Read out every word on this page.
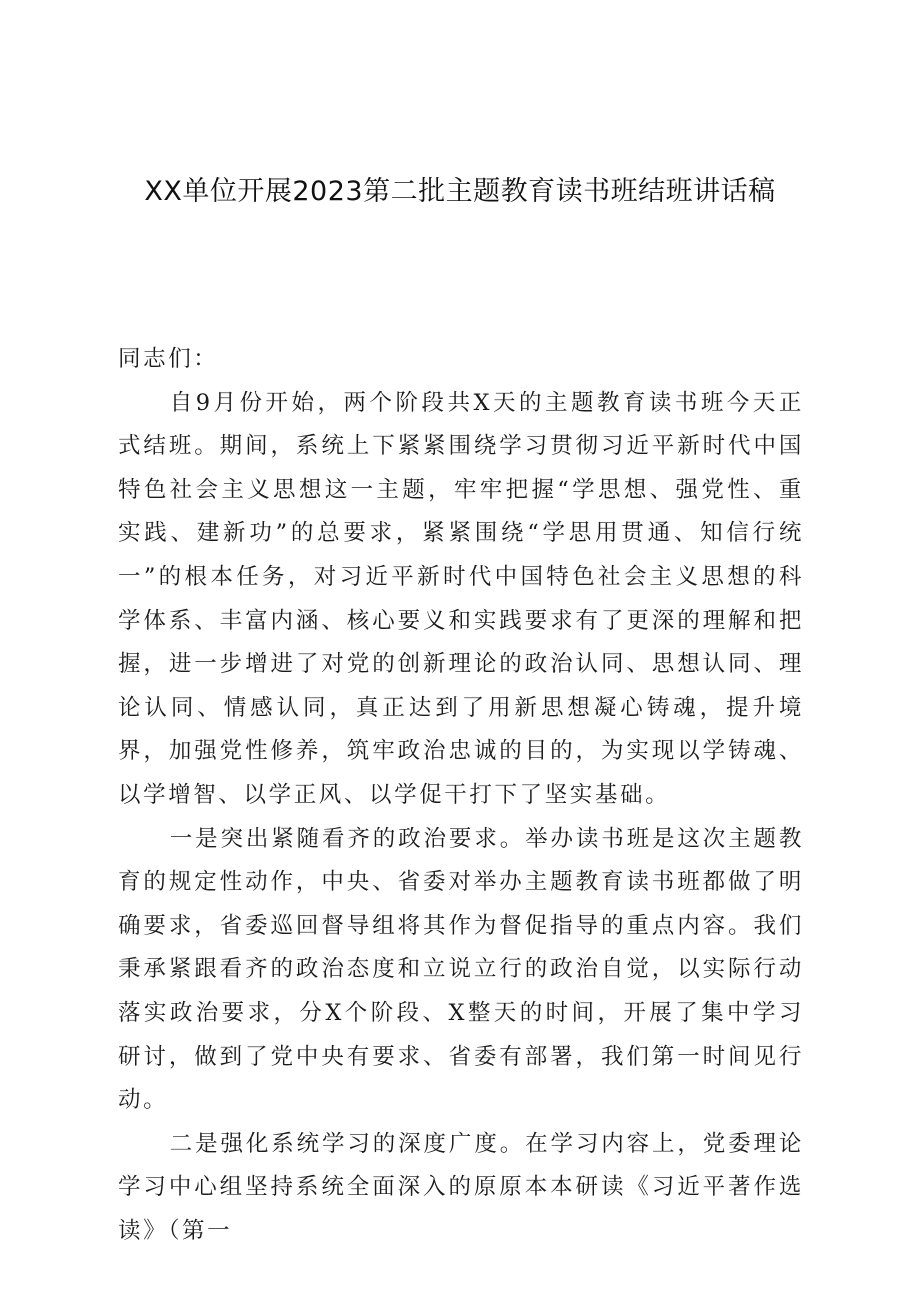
XX单位开展2023第二批主题教育读书班结班讲话稿

同志们：

自9月份开始，两个阶段共X天的主题教育读书班今天正式结班。期间，系统上下紧紧围绕学习贯彻习近平新时代中国特色社会主义思想这一主题，牢牢把握“学思想、强党性、重实践、建新功”的总要求，紧紧围绕“学思用贯通、知信行统一”的根本任务，对习近平新时代中国特色社会主义思想的科学体系、丰富内涵、核心要义和实践要求有了更深的理解和把握，进一步增进了对党的创新理论的政治认同、思想认同、理论认同、情感认同，真正达到了用新思想凝心铸魂，提升境界，加强党性修养，筑牢政治忠诚的目的，为实现以学铸魂、以学增智、以学正风、以学促干打下了坚实基础。

一是突出紧随看齐的政治要求。举办读书班是这次主题教育的规定性动作，中央、省委对举办主题教育读书班都做了明确要求，省委巡回督导组将其作为督促指导的重点内容。我们秉承紧跟看齐的政治态度和立说立行的政治自觉，以实际行动落实政治要求，分X个阶段、X整天的时间，开展了集中学习研讨，做到了党中央有要求、省委有部署，我们第一时间见行动。

二是强化系统学习的深度广度。在学习内容上，党委理论学习中心组坚持系统全面深入的原原本本研读《习近平著作选读》（第一
